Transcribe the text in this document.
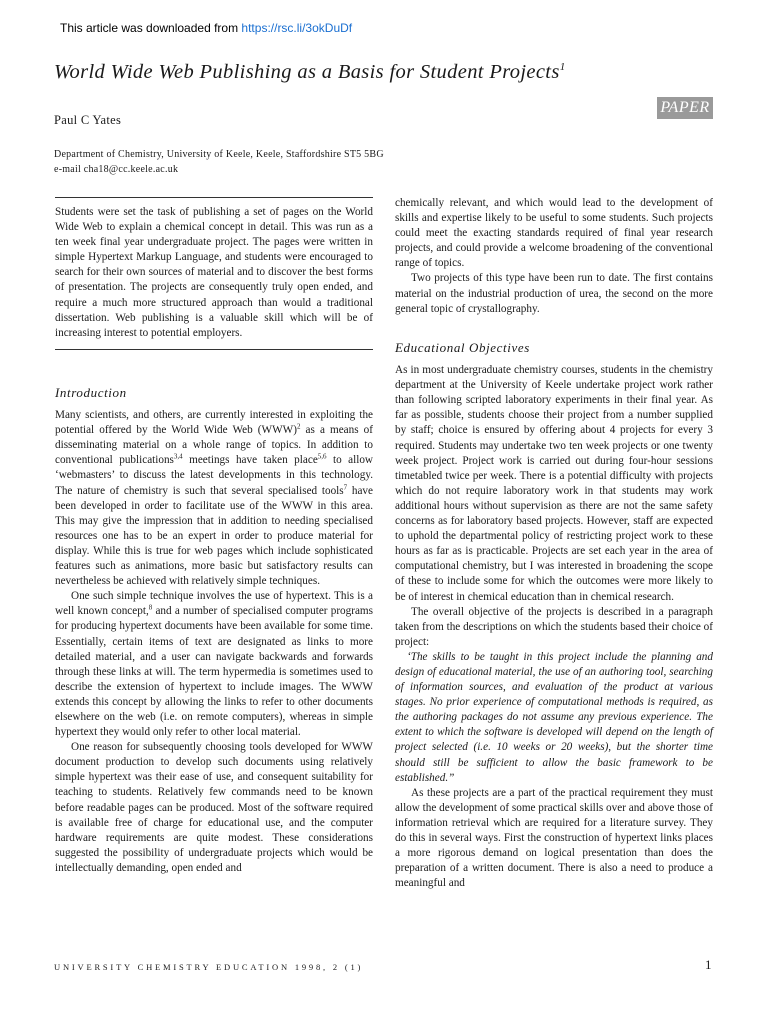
This article was downloaded from https://rsc.li/3okDuDf
World Wide Web Publishing as a Basis for Student Projects$^1$
PAPER
Paul C Yates
Department of Chemistry, University of Keele, Keele, Staffordshire ST5 5BG
e-mail cha18@cc.keele.ac.uk

Students were set the task of publishing a set of pages on the World Wide Web to explain a chemical concept in detail. This was run as a ten week final year undergraduate project. The pages were written in simple Hypertext Markup Language, and students were encouraged to search for their own sources of material and to discover the best forms of presentation. The projects are consequently truly open ended, and require a much more structured approach than would a traditional dissertation. Web publishing is a valuable skill which will be of increasing interest to potential employers.

Introduction

Many scientists, and others, are currently interested in exploiting the potential offered by the World Wide Web (WWW)$^2$ as a means of disseminating material on a whole range of topics. In addition to conventional publications$^{3,4}$ meetings have taken place$^{5,6}$ to allow ‘webmasters’ to discuss the latest developments in this technology. The nature of chemistry is such that several specialised tools$^7$ have been developed in order to facilitate use of the WWW in this area. This may give the impression that in addition to needing specialised resources one has to be an expert in order to produce material for display. While this is true for web pages which include sophisticated features such as animations, more basic but satisfactory results can nevertheless be achieved with relatively simple techniques.

One such simple technique involves the use of hypertext. This is a well known concept,$^8$ and a number of specialised computer programs for producing hypertext documents have been available for some time. Essentially, certain items of text are designated as links to more detailed material, and a user can navigate backwards and forwards through these links at will. The term hypermedia is sometimes used to describe the extension of hypertext to include images. The WWW extends this concept by allowing the links to refer to other documents elsewhere on the web (i.e. on remote computers), whereas in simple hypertext they would only refer to other local material.

One reason for subsequently choosing tools developed for WWW document production to develop such documents using relatively simple hypertext was their ease of use, and consequent suitability for teaching to students. Relatively few commands need to be known before readable pages can be produced. Most of the software required is available free of charge for educational use, and the computer hardware requirements are quite modest. These considerations suggested the possibility of undergraduate projects which would be intellectually demanding, open ended and

chemically relevant, and which would lead to the development of skills and expertise likely to be useful to some students. Such projects could meet the exacting standards required of final year research projects, and could provide a welcome broadening of the conventional range of topics.

Two projects of this type have been run to date. The first contains material on the industrial production of urea, the second on the more general topic of crystallography.

Educational Objectives

As in most undergraduate chemistry courses, students in the chemistry department at the University of Keele undertake project work rather than following scripted laboratory experiments in their final year. As far as possible, students choose their project from a number supplied by staff; choice is ensured by offering about 4 projects for every 3 required. Students may undertake two ten week projects or one twenty week project. Project work is carried out during four-hour sessions timetabled twice per week. There is a potential difficulty with projects which do not require laboratory work in that students may work additional hours without supervision as there are not the same safety concerns as for laboratory based projects. However, staff are expected to uphold the departmental policy of restricting project work to these hours as far as is practicable. Projects are set each year in the area of computational chemistry, but I was interested in broadening the scope of these to include some for which the outcomes were more likely to be of interest in chemical education than in chemical research.

The overall objective of the projects is described in a paragraph taken from the descriptions on which the students based their choice of project:

‘The skills to be taught in this project include the planning and design of educational material, the use of an authoring tool, searching of information sources, and evaluation of the product at various stages. No prior experience of computational methods is required, as the authoring packages do not assume any previous experience. The extent to which the software is developed will depend on the length of project selected (i.e. 10 weeks or 20 weeks), but the shorter time should still be sufficient to allow the basic framework to be established.”

As these projects are a part of the practical requirement they must allow the development of some practical skills over and above those of information retrieval which are required for a literature survey. They do this in several ways. First the construction of hypertext links places a more rigorous demand on logical presentation than does the preparation of a written document. There is also a need to produce a meaningful and

UNIVERSITY CHEMISTRY EDUCATION 1998, 2 (1)	1
